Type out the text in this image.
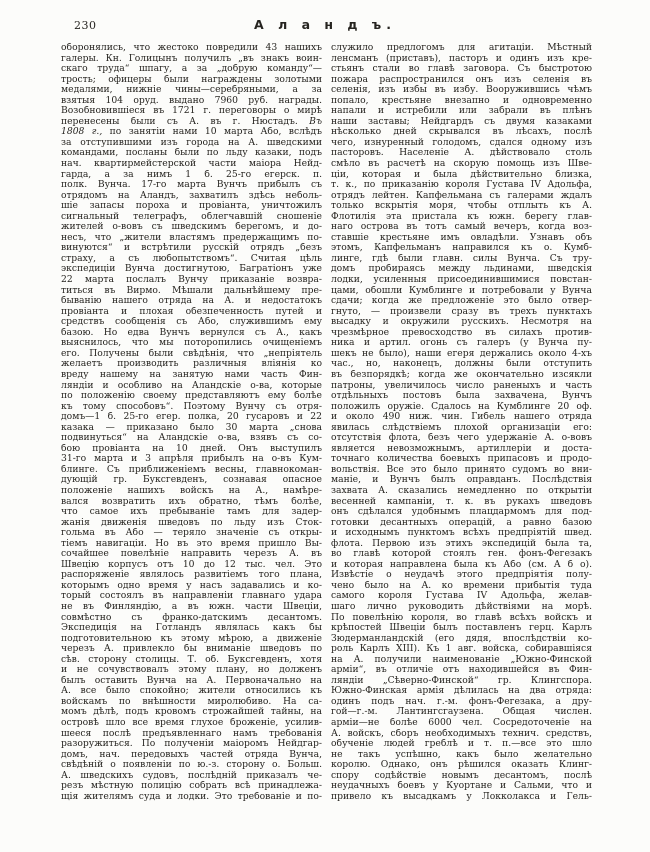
230	А л а н д ъ.
оборонялись, что жестоко повредили 43 нашихъ
галеры. Кн. Голицынъ получилъ „въ знакъ воин-
скаго труда“ шпагу, а за „добрую команду“—
трость; офицеры были награждены золотыми
медалями, нижніе чины—серебряными, а за
взятыя 104 оруд. выдано 7960 руб. награды.
Возобновившіеся въ 1721 г. переговоры о мирѣ
перенесены были съ А. въ г. Нюстадъ. Въ
1808 г., по занятіи нами 10 марта Або, вслѣдъ
за отступившими изъ города на А. шведскими
командами, посланы были по льду казаки, подъ
нач. квартирмейстерской части маіора Нейд-
гарда, а за нимъ 1 б. 25-го егерск. п.
полк. Вунча. 17-го марта Вунчъ прибылъ съ
отрядомъ на Аландъ, захватилъ здѣсь неболь-
шіе запасы пороха и провіанта, уничтожилъ
сигнальный телеграфъ, облегчавшій сношеніе
жителей о-вовъ съ шведскимъ берегомъ, и до-
несъ, что „жители властямъ предержащимъ по-
винуются“ и встрѣтили русскій отрядъ „безъ
страху, а съ любопытствомъ“. Считая цѣль
экспедиціи Вунча достигнутою, Багратіонъ уже
22 марта послалъ Вунчу приказаніе возвра-
титься въ Вирмо. Мѣшали дальнѣйшему пре-
быванію нашего отряда на А. и недостатокъ
провіанта и плохая обезпеченность путей и
средствъ сообщенія съ Або, служившимъ ему
базою. Но едва Вунчъ вернулся съ А., какъ
выяснилось, что мы поторопились очищеніемъ
его. Получены были свѣдѣнія, что „непріятель
желаетъ производить различныя вліянія ко
вреду нашему на занятую нами часть Фин-
ляндіи и особливо на Аландскіе о-ва, которые
по положенію своему представляютъ ему болѣе
къ тому способовъ“. Поэтому Вунчу съ отря-
домъ—1 б. 25-го егер. полка, 20 гусаровъ и 22
казака — приказано было 30 марта „снова
подвинуться“ на Аландскіе о-ва, взявъ съ со-
бою провіанта на 10 дней. Онъ выступилъ
31-го марта и 3 апрѣля прибылъ на о-въ Кум-
блинге. Съ приближеніемъ весны, главнокоман-
дующій гр. Буксгевденъ, сознавая опасное
положеніе нашихъ войскъ на А., намѣре-
вался возвратить ихъ обратно, тѣмъ болѣе,
что самое ихъ пребываніе тамъ для задер-
жанія движенія шведовъ по льду изъ Сток-
гольма въ Або — теряло значеніе съ откры-
тіемъ навигаціи. Но въ это время пришло Вы-
сочайшее повелѣніе направить черезъ А. въ
Швецію корпусъ отъ 10 до 12 тыс. чел. Это
распоряженіе являлось развитіемъ того плана,
которымъ одно время у насъ задавались и ко-
торый состоялъ въ направленіи главнаго удара
не въ Финляндію, а въ южн. части Швеціи,
совмѣстно съ франко-датскимъ десантомъ.
Экспедиція на Готландъ являлась какъ бы
подготовительною къ этому мѣрою, а движеніе
черезъ А. привлекло бы вниманіе шведовъ по
сѣв. сторону столицы. Т. об. Буксгевденъ, хотя
и не сочувствовалъ этому плану, но долженъ
былъ оставить Вунча на А. Первоначально на
А. все было спокойно; жители относились къ
войскамъ по внѣшности миролюбиво. На са-
момъ дѣлѣ, подъ кровомъ строжайшей тайны, на
островѣ шло все время глухое броженіе, усилив-
шееся послѣ предъявленнаго намъ требованія
разоружиться. По полученіи маіоромъ Нейдгар-
домъ, нач. передовыхъ частей отряда Вунча,
свѣдѣній о появленіи по ю.-з. сторону о. Больш.
А. шведскихъ судовъ, послѣдній приказалъ че-
резъ мѣстную полицію собрать всѣ принадлежа-
щія жителямъ суда и лодки. Это требованіе и по-
служило предлогомъ для агитаціи. Мѣстный
ленсманъ (приставъ), пасторъ и одинъ изъ кре-
стьянъ стали во главѣ заговора. Съ быстротою
пожара распространился онъ изъ селенія въ
селенія, изъ избы въ избу. Вооружившись чѣмъ
попало, крестьяне внезапно и одновременно
напали и истребили или забрали въ плѣнъ
наши заставы; Нейдгардъ съ двумя казаками
нѣсколько дней скрывался въ лѣсахъ, послѣ
чего, изнуренный голодомъ, сдался одному изъ
пасторовъ. Населеніе А. дѣйствовало столь
смѣло въ расчетѣ на скорую помощь изъ Шве-
ціи, которая и была дѣйствительно близка,
т. к., по приказанію короля Густава IV Адольфа,
отрядъ лейтен. Капфельмана съ галерами ждалъ
только вскрытія моря, чтобы отплыть къ А.
Флотилія эта пристала къ южн. берегу глав-
наго острова въ тотъ самый вечеръ, когда воз-
ставшіе крестьяне имъ овладѣли. Узнавъ объ
этомъ, Капфельманъ направился къ о. Кумб-
линге, гдѣ были главн. силы Вунча. Съ тру-
домъ пробираясь между льдинами, шведскія
лодки, усиленныя присоединившимися повстан-
цами, обошли Кумблинге и потребовали у Вунча
сдачи; когда же предложеніе это было отвер-
гнуто, — произвели сразу въ трехъ пунктахъ
высадку и окружили русскихъ. Несмотря на
чрезмѣрное превосходство въ силахъ против-
ника и артил. огонь съ галеръ (у Вунча пу-
шекъ не было), наши егеря держались около 4-хъ
час., но, наконецъ, должны были отступить
въ безпорядкѣ; когда же окончательно изсякли
патроны, увеличилось число раненыхъ и часть
отдѣльныхъ постовъ была захвачена, Вунчъ
положилъ оружіе. Сдалось на Кумблинге 20 оф.
и около 490 ниж. чин. Гибель нашего отряда
явилась слѣдствіемъ плохой организаціи его:
отсутствія флота, безъ чего удержаніе А. о-вовъ
является невозможнымъ, артиллеріи и доста-
точнаго количества боевыхъ припасовъ и продо-
вольствія. Все это было принято судомъ во вни-
маніе, и Вунчъ былъ оправданъ. Послѣдствія
захвата А. сказались немедленно по открытіи
весенней кампаніи, т. к. въ рукахъ шведовъ
онъ сдѣлался удобнымъ плацдармомъ для под-
готовки десантныхъ операцій, а равно базою
и исходнымъ пунктомъ всѣхъ предпріятій швед.
флота. Первою изъ этихъ экспедицій была та,
во главѣ которой стоялъ ген. фонъ-Фегезакъ
и которая направлена была къ Або (см. А б о).
Извѣстіе о неудачѣ этого предпріятія полу-
чено было на А. ко времени прибытія туда
самого короля Густава IV Адольфа, желав-
шаго лично руководить дѣйствіями на морѣ.
По повелѣнію короля, во главѣ всѣхъ войскъ и
крѣпостей Швеціи былъ поставленъ герц. Карлъ
Зюдерманландскій (его дядя, впослѣдствіи ко-
роль Карлъ XIII). Къ 1 авг. войска, собиравшіяся
на А. получили наименованіе „Южно-Финской
арміи“, въ отличіе отъ находившейся въ Фин-
ляндіи „Сѣверно-Финской“ гр. Клингспора.
Южно-Финская армія дѣлилась на два отряда:
одинъ подъ нач. г.-м. фонъ-Фегезака, а дру-
гой—г.-м. Лантингсгаузена. Общая числен.
арміи—не болѣе 6000 чел. Сосредоточеніе на
А. войскъ, сборъ необходимыхъ технич. средствъ,
обученіе людей греблѣ и т. п.—все это шло
не такъ успѣшно, какъ было желательно
королю. Однако, онъ рѣшился оказать Клинг-
спору содѣйствіе новымъ десантомъ, послѣ
неудачныхъ боевъ у Куортане и Сальми, что и
привело къ высадкамъ у Локколакса и Гель-
